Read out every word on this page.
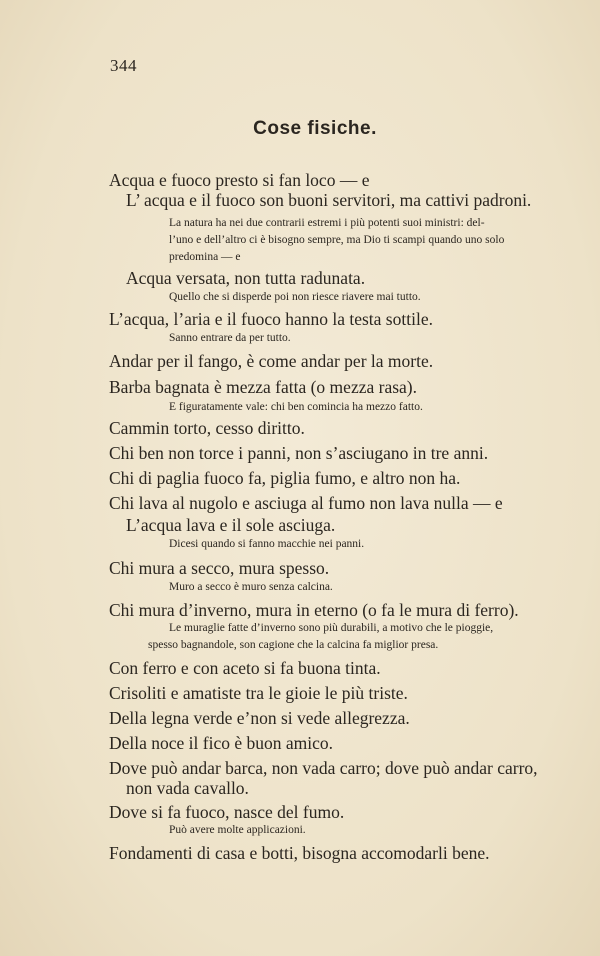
344
Cose fisiche.
Acqua e fuoco presto si fan loco — e
L’ acqua e il fuoco son buoni servitori, ma cattivi padroni.
La natura ha nei due contrarii estremi i più potenti suoi ministri: del-
l’uno e dell’altro ci è bisogno sempre, ma Dio ti scampi quando uno solo
predomina — e
Acqua versata, non tutta radunata.
Quello che si disperde poi non riesce riavere mai tutto.
L’acqua, l’aria e il fuoco hanno la testa sottile.
Sanno entrare da per tutto.
Andar per il fango, è come andar per la morte.
Barba bagnata è mezza fatta (o mezza rasa).
E figuratamente vale: chi ben comincia ha mezzo fatto.
Cammin torto, cesso diritto.
Chi ben non torce i panni, non s’asciugano in tre anni.
Chi di paglia fuoco fa, piglia fumo, e altro non ha.
Chi lava al nugolo e asciuga al fumo non lava nulla — e
L’acqua lava e il sole asciuga.
Dicesi quando si fanno macchie nei panni.
Chi mura a secco, mura spesso.
Muro a secco è muro senza calcina.
Chi mura d’inverno, mura in eterno (o fa le mura di ferro).
Le muraglie fatte d’inverno sono più durabili, a motivo che le pioggie,
spesso bagnandole, son cagione che la calcina fa miglior presa.
Con ferro e con aceto si fa buona tinta.
Crisoliti e amatiste tra le gioie le più triste.
Della legna verde e’non si vede allegrezza.
Della noce il fico è buon amico.
Dove può andar barca, non vada carro; dove può andar carro,
non vada cavallo.
Dove si fa fuoco, nasce del fumo.
Può avere molte applicazioni.
Fondamenti di casa e botti, bisogna accomodarli bene.
